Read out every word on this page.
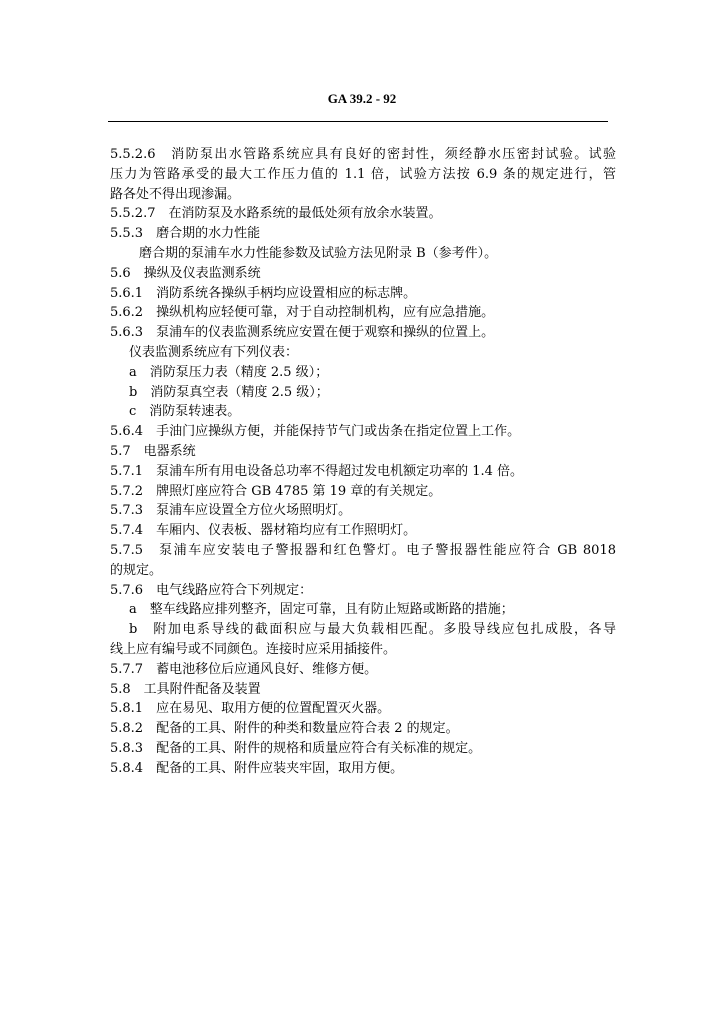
GA 39.2 - 92
5.5.2.6　消防泵出水管路系统应具有良好的密封性，须经静水压密封试验。试验
压力为管路承受的最大工作压力值的 1.1 倍，试验方法按 6.9 条的规定进行，管
路各处不得出现渗漏。
5.5.2.7　在消防泵及水路系统的最低处须有放余水装置。
5.5.3　磨合期的水力性能
磨合期的泵浦车水力性能参数及试验方法见附录 B（参考件）。
5.6　操纵及仪表监测系统
5.6.1　消防系统各操纵手柄均应设置相应的标志牌。
5.6.2　操纵机构应轻便可靠，对于自动控制机构，应有应急措施。
5.6.3　泵浦车的仪表监测系统应安置在便于观察和操纵的位置上。
仪表监测系统应有下列仪表：
a　消防泵压力表（精度 2.5 级）；
b　消防泵真空表（精度 2.5 级）；
c　消防泵转速表。
5.6.4　手油门应操纵方便，并能保持节气门或齿条在指定位置上工作。
5.7　电器系统
5.7.1　泵浦车所有用电设备总功率不得超过发电机额定功率的 1.4 倍。
5.7.2　牌照灯座应符合 GB 4785 第 19 章的有关规定。
5.7.3　泵浦车应设置全方位火场照明灯。
5.7.4　车厢内、仪表板、器材箱均应有工作照明灯。
5.7.5　泵浦车应安装电子警报器和红色警灯。电子警报器性能应符合 GB 8018
的规定。
5.7.6　电气线路应符合下列规定：
a　整车线路应排列整齐，固定可靠，且有防止短路或断路的措施；
b　附加电系导线的截面积应与最大负载相匹配。多股导线应包扎成股，各导
线上应有编号或不同颜色。连接时应采用插接件。
5.7.7　蓄电池移位后应通风良好、维修方便。
5.8　工具附件配备及装置
5.8.1　应在易见、取用方便的位置配置灭火器。
5.8.2　配备的工具、附件的种类和数量应符合表 2 的规定。
5.8.3　配备的工具、附件的规格和质量应符合有关标准的规定。
5.8.4　配备的工具、附件应装夹牢固，取用方便。
